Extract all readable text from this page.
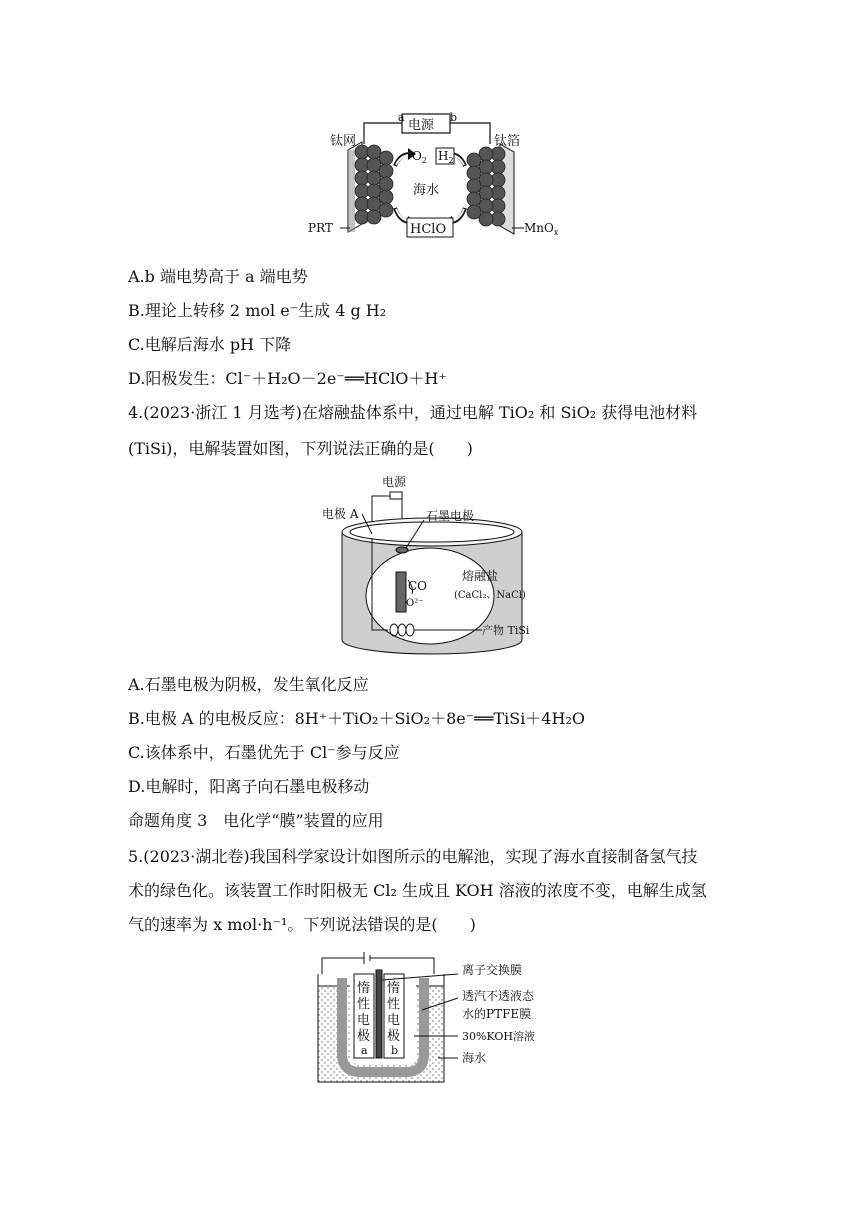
电源
a	b
$O_2$ $H_2$
海水
HClO
钛网	钛箔
PRT	MnO$_x$
A.b 端电势高于 a 端电势
B.理论上转移 2 mol e⁻生成 4 g H₂
C.电解后海水 pH 下降
D.阳极发生：Cl⁻＋H₂O－2e⁻══HClO＋H⁺
4.(2023·浙江 1 月选考)在熔融盐体系中，通过电解 TiO₂ 和 SiO₂ 获得电池材料
(TiSi)，电解装置如图，下列说法正确的是(　　)
电源
电极 A	石墨电极
CO
O²⁻
熔融盐
(CaCl₂、NaCl)
产物 TiSi
A.石墨电极为阴极，发生氧化反应
B.电极 A 的电极反应：8H⁺＋TiO₂＋SiO₂＋8e⁻══TiSi＋4H₂O
C.该体系中，石墨优先于 Cl⁻参与反应
D.电解时，阳离子向石墨电极移动
命题角度 3　电化学“膜”装置的应用
5.(2023·湖北卷)我国科学家设计如图所示的电解池，实现了海水直接制备氢气技
术的绿色化。该装置工作时阳极无 Cl₂ 生成且 KOH 溶液的浓度不变，电解生成氢
气的速率为 x mol·h⁻¹。下列说法错误的是(　　)
惰
性
电
极
a
惰
性
电
极
b
离子交换膜
透汽不透液态
水的PTFE膜
30%KOH溶液
海水
